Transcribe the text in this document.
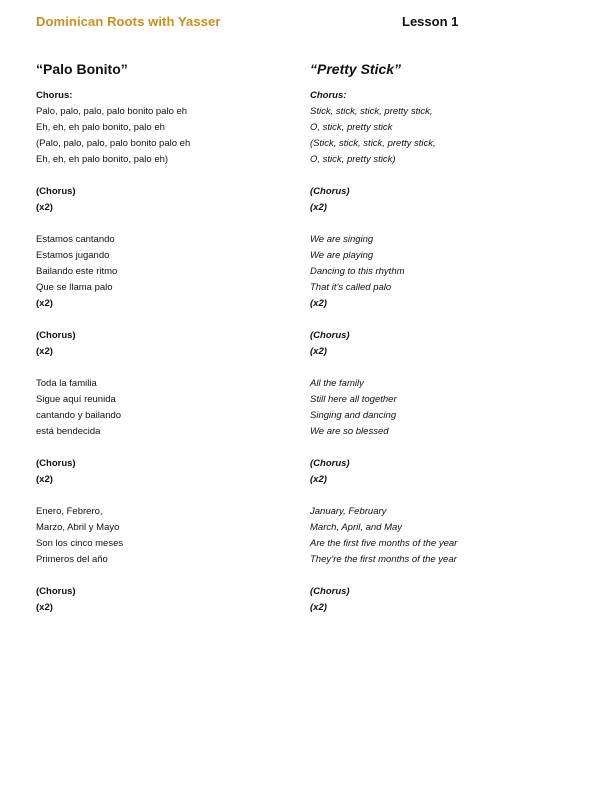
Dominican Roots with Yasser	Lesson 1
“Palo Bonito”
Chorus:
Palo, palo, palo, palo bonito palo eh
Eh, eh, eh palo bonito, palo eh
(Palo, palo, palo, palo bonito palo eh
Eh, eh, eh palo bonito, palo eh)
(Chorus)
(x2)
Estamos cantando
Estamos jugando
Bailando este ritmo
Que se llama palo
(x2)
(Chorus)
(x2)
Toda la familia
Sigue aquí reunida
cantando y bailando
está bendecida
(Chorus)
(x2)
Enero, Febrero,
Marzo, Abril y Mayo
Son los cinco meses
Primeros del año
(Chorus)
(x2)
“Pretty Stick”
Chorus:
Stick, stick, stick, pretty stick,
O, stick, pretty stick
(Stick, stick, stick, pretty stick,
O, stick, pretty stick)
(Chorus)
(x2)
We are singing
We are playing
Dancing to this rhythm
That it’s called palo
(x2)
(Chorus)
(x2)
All the family
Still here all together
Singing and dancing
We are so blessed
(Chorus)
(x2)
January, February
March, April, and May
Are the first five months of the year
They’re the first months of the year
(Chorus)
(x2)
